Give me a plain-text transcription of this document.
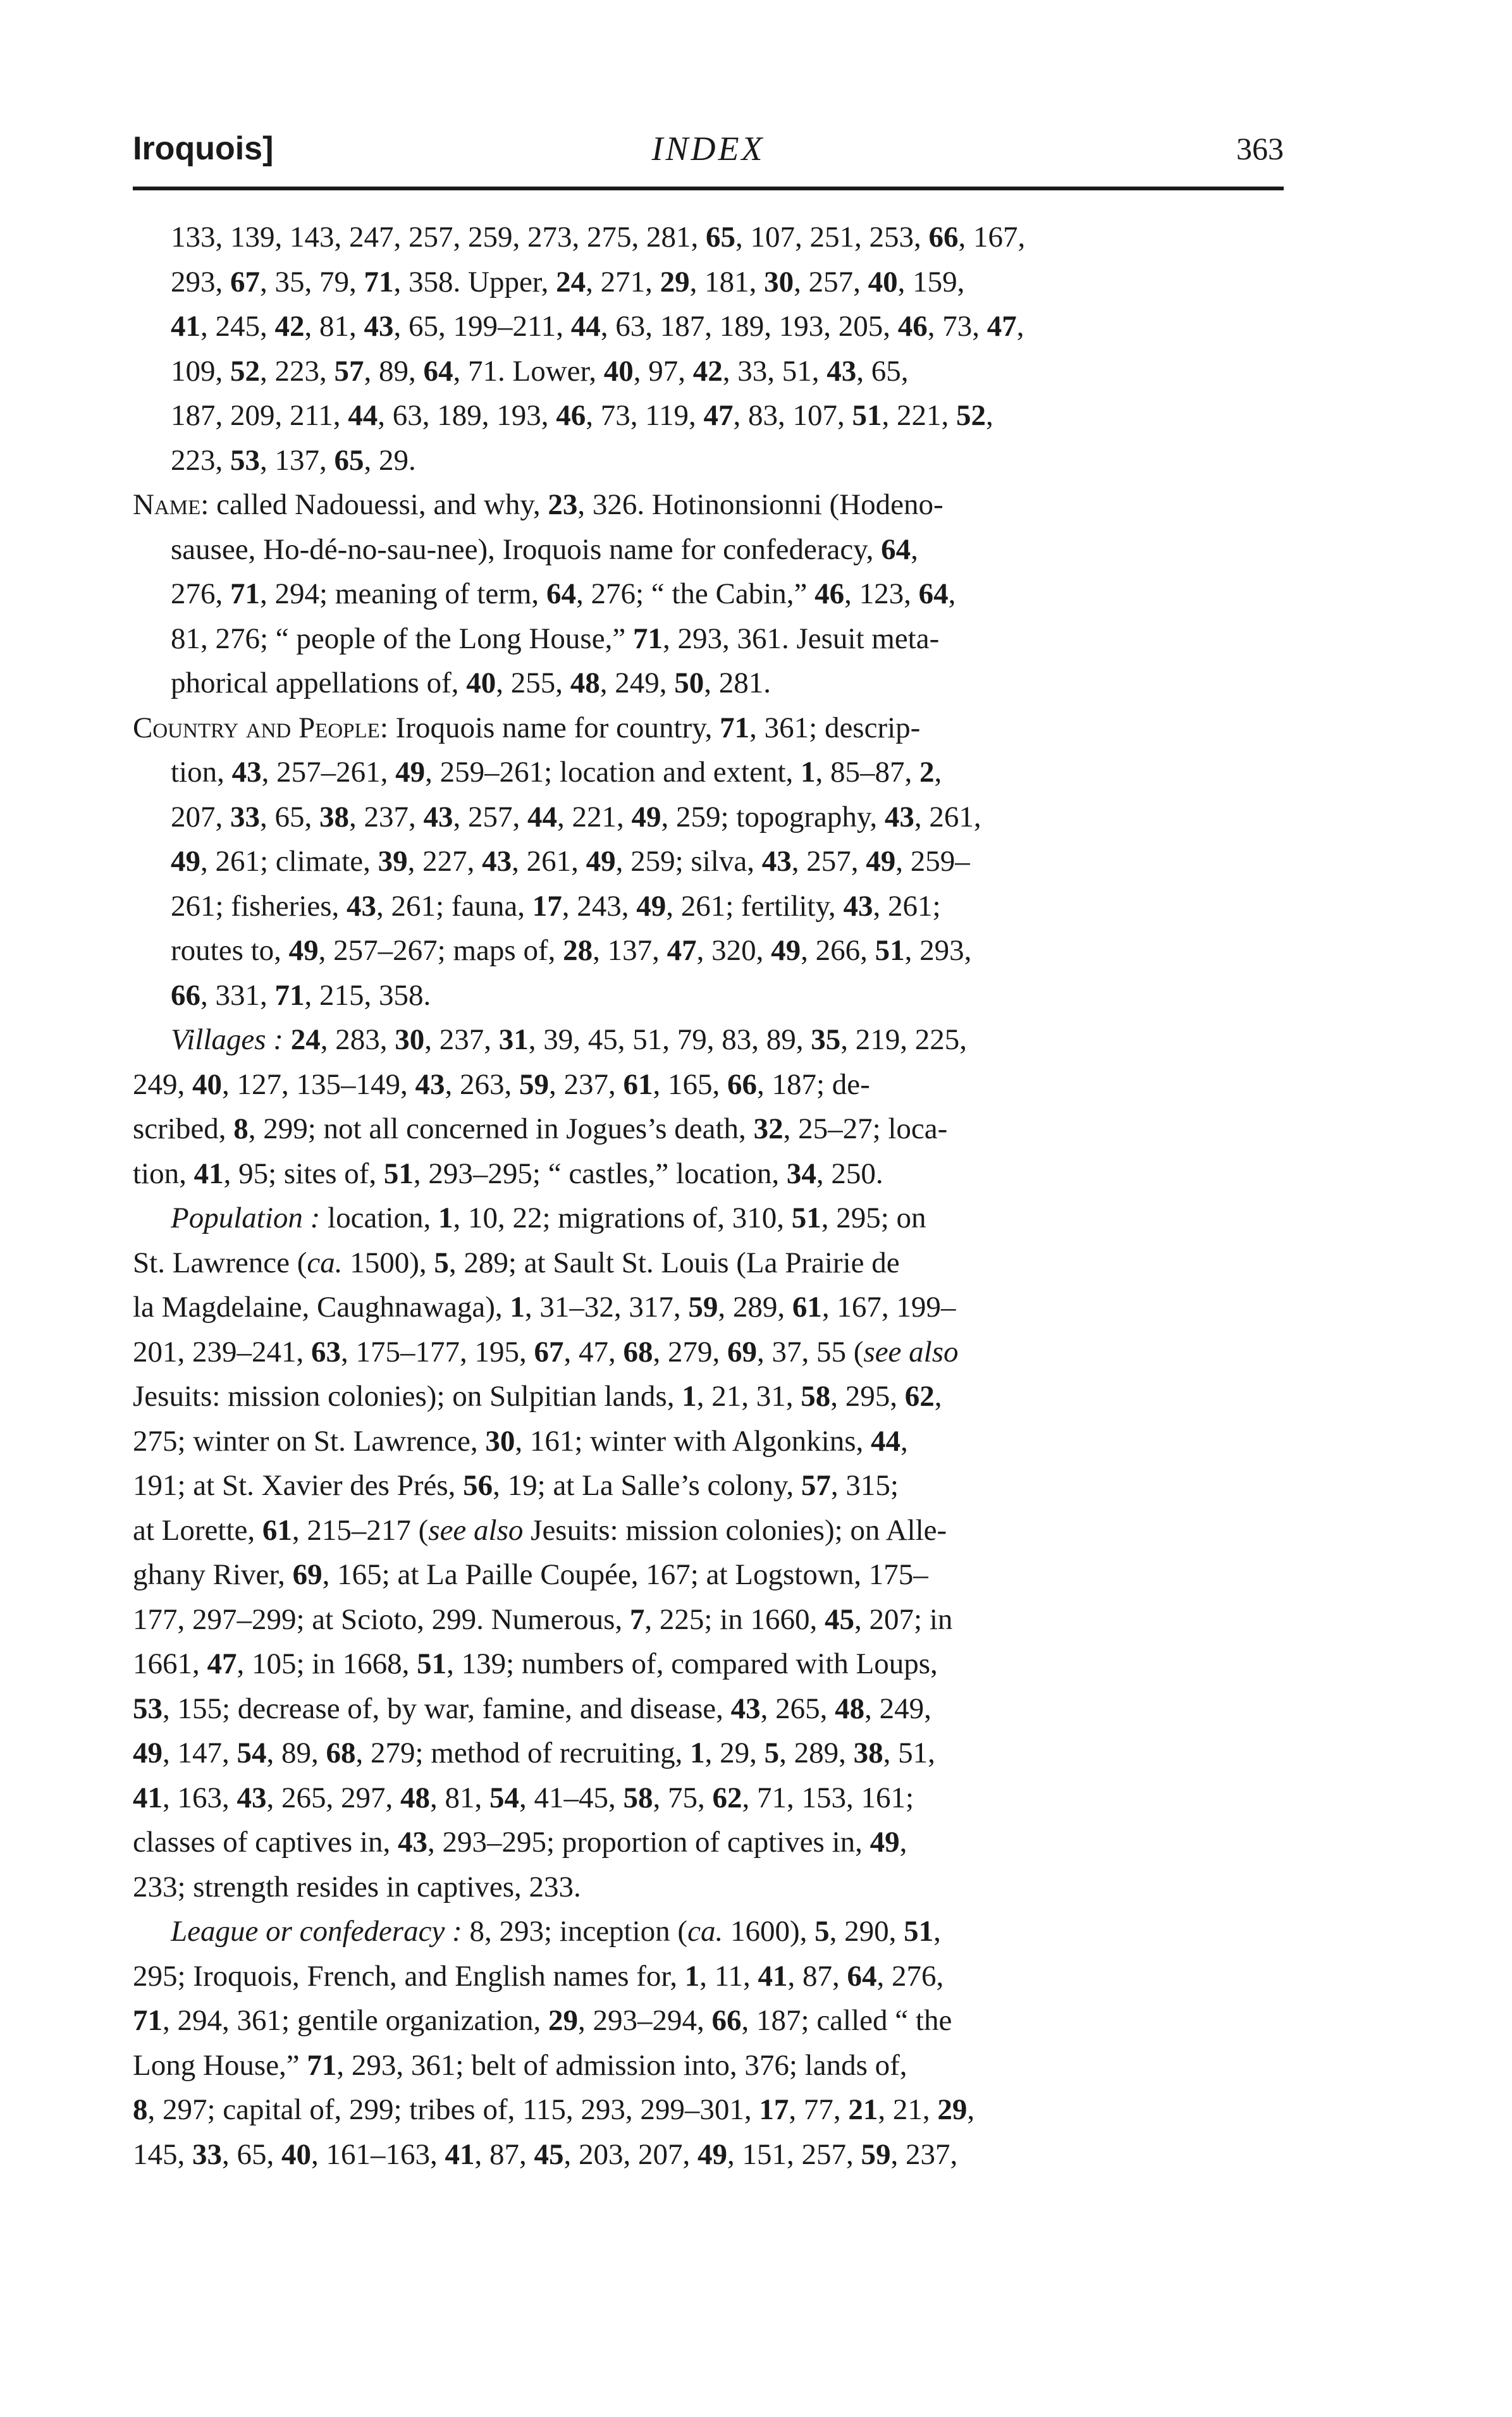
Iroquois]	INDEX	363
133, 139, 143, 247, 257, 259, 273, 275, 281, 65, 107, 251, 253, 66, 167,
293, 67, 35, 79, 71, 358. Upper, 24, 271, 29, 181, 30, 257, 40, 159,
41, 245, 42, 81, 43, 65, 199–211, 44, 63, 187, 189, 193, 205, 46, 73, 47,
109, 52, 223, 57, 89, 64, 71. Lower, 40, 97, 42, 33, 51, 43, 65,
187, 209, 211, 44, 63, 189, 193, 46, 73, 119, 47, 83, 107, 51, 221, 52,
223, 53, 137, 65, 29.
Name: called Nadouessi, and why, 23, 326. Hotinonsionni (Hodeno-
sausee, Ho-dé-no-sau-nee), Iroquois name for confederacy, 64,
276, 71, 294; meaning of term, 64, 276; “ the Cabin,” 46, 123, 64,
81, 276; “ people of the Long House,” 71, 293, 361. Jesuit meta-
phorical appellations of, 40, 255, 48, 249, 50, 281.
Country and People: Iroquois name for country, 71, 361; descrip-
tion, 43, 257–261, 49, 259–261; location and extent, 1, 85–87, 2,
207, 33, 65, 38, 237, 43, 257, 44, 221, 49, 259; topography, 43, 261,
49, 261; climate, 39, 227, 43, 261, 49, 259; silva, 43, 257, 49, 259–
261; fisheries, 43, 261; fauna, 17, 243, 49, 261; fertility, 43, 261;
routes to, 49, 257–267; maps of, 28, 137, 47, 320, 49, 266, 51, 293,
66, 331, 71, 215, 358.
Villages : 24, 283, 30, 237, 31, 39, 45, 51, 79, 83, 89, 35, 219, 225,
249, 40, 127, 135–149, 43, 263, 59, 237, 61, 165, 66, 187; de-
scribed, 8, 299; not all concerned in Jogues’s death, 32, 25–27; loca-
tion, 41, 95; sites of, 51, 293–295; “ castles,” location, 34, 250.
Population : location, 1, 10, 22; migrations of, 310, 51, 295; on
St. Lawrence (ca. 1500), 5, 289; at Sault St. Louis (La Prairie de
la Magdelaine, Caughnawaga), 1, 31–32, 317, 59, 289, 61, 167, 199–
201, 239–241, 63, 175–177, 195, 67, 47, 68, 279, 69, 37, 55 (see also
Jesuits: mission colonies); on Sulpitian lands, 1, 21, 31, 58, 295, 62,
275; winter on St. Lawrence, 30, 161; winter with Algonkins, 44,
191; at St. Xavier des Prés, 56, 19; at La Salle’s colony, 57, 315;
at Lorette, 61, 215–217 (see also Jesuits: mission colonies); on Alle-
ghany River, 69, 165; at La Paille Coupée, 167; at Logstown, 175–
177, 297–299; at Scioto, 299. Numerous, 7, 225; in 1660, 45, 207; in
1661, 47, 105; in 1668, 51, 139; numbers of, compared with Loups,
53, 155; decrease of, by war, famine, and disease, 43, 265, 48, 249,
49, 147, 54, 89, 68, 279; method of recruiting, 1, 29, 5, 289, 38, 51,
41, 163, 43, 265, 297, 48, 81, 54, 41–45, 58, 75, 62, 71, 153, 161;
classes of captives in, 43, 293–295; proportion of captives in, 49,
233; strength resides in captives, 233.
League or confederacy : 8, 293; inception (ca. 1600), 5, 290, 51,
295; Iroquois, French, and English names for, 1, 11, 41, 87, 64, 276,
71, 294, 361; gentile organization, 29, 293–294, 66, 187; called “ the
Long House,” 71, 293, 361; belt of admission into, 376; lands of,
8, 297; capital of, 299; tribes of, 115, 293, 299–301, 17, 77, 21, 21, 29,
145, 33, 65, 40, 161–163, 41, 87, 45, 203, 207, 49, 151, 257, 59, 237,
